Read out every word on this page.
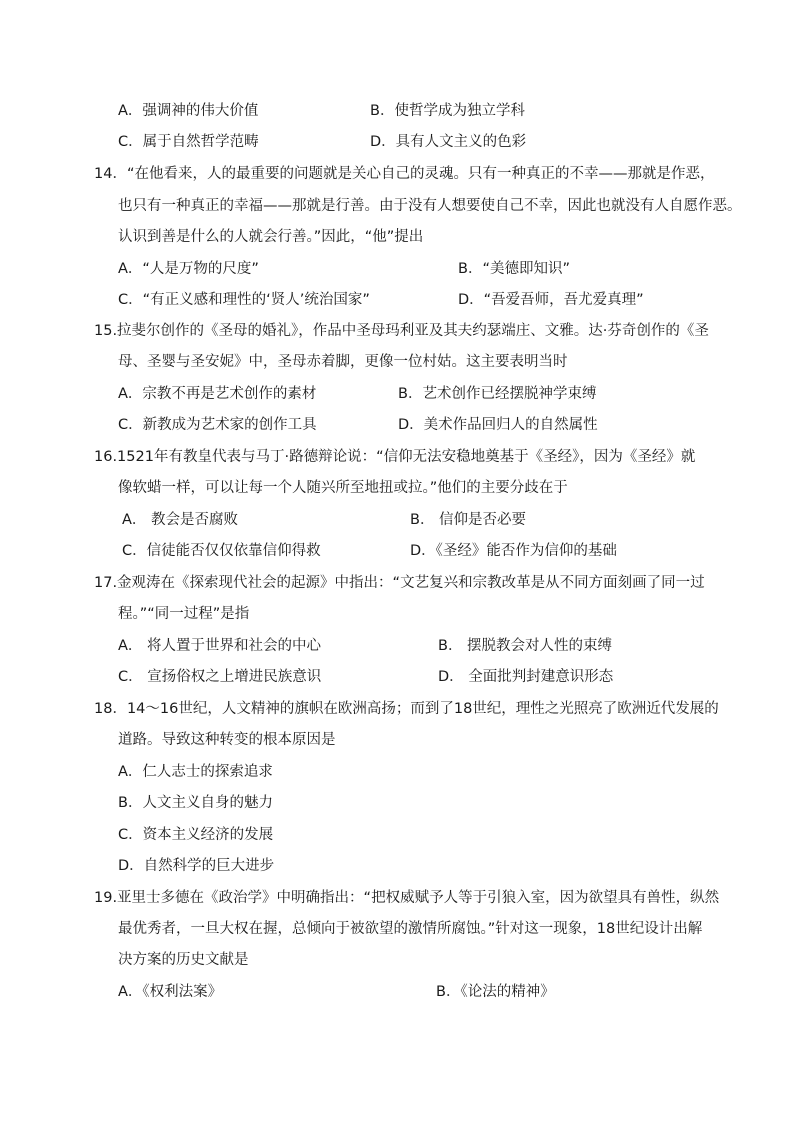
A．强调神的伟大价值	B．使哲学成为独立学科
C．属于自然哲学范畴	D．具有人文主义的色彩
14．“在他看来，人的最重要的问题就是关心自己的灵魂。只有一种真正的不幸——那就是作恶，
也只有一种真正的幸福——那就是行善。由于没有人想要使自己不幸，因此也就没有人自愿作恶。
认识到善是什么的人就会行善。”因此，“他”提出
A．“人是万物的尺度”	B．“美德即知识”
C．“有正义感和理性的‘贤人’统治国家”	D．“吾爱吾师，吾尤爱真理”
15.拉斐尔创作的《圣母的婚礼》，作品中圣母玛利亚及其夫约瑟端庄、文雅。达·芬奇创作的《圣
母、圣婴与圣安妮》中，圣母赤着脚，更像一位村姑。这主要表明当时
A．宗教不再是艺术创作的素材	B．艺术创作已经摆脱神学束缚
C．新教成为艺术家的创作工具	D．美术作品回归人的自然属性
16.1521年有教皇代表与马丁·路德辩论说：“信仰无法安稳地奠基于《圣经》，因为《圣经》就
像软蜡一样，可以让每一个人随兴所至地扭或拉。”他们的主要分歧在于
A． 教会是否腐败	B． 信仰是否必要
C．信徒能否仅仅依靠信仰得救	D．《圣经》能否作为信仰的基础
17.金观涛在《探索现代社会的起源》中指出：“文艺复兴和宗教改革是从不同方面刻画了同一过
程。”“同一过程”是指
A． 将人置于世界和社会的中心	B． 摆脱教会对人性的束缚
C． 宣扬俗权之上增进民族意识	D． 全面批判封建意识形态
18．14～16世纪，人文精神的旗帜在欧洲高扬；而到了18世纪，理性之光照亮了欧洲近代发展的
道路。导致这种转变的根本原因是
A．仁人志士的探索追求
B．人文主义自身的魅力
C．资本主义经济的发展
D．自然科学的巨大进步
19.亚里士多德在《政治学》中明确指出：“把权威赋予人等于引狼入室，因为欲望具有兽性，纵然
最优秀者，一旦大权在握，总倾向于被欲望的激情所腐蚀。”针对这一现象，18世纪设计出解
决方案的历史文献是
A．《权利法案》	B．《论法的精神》
